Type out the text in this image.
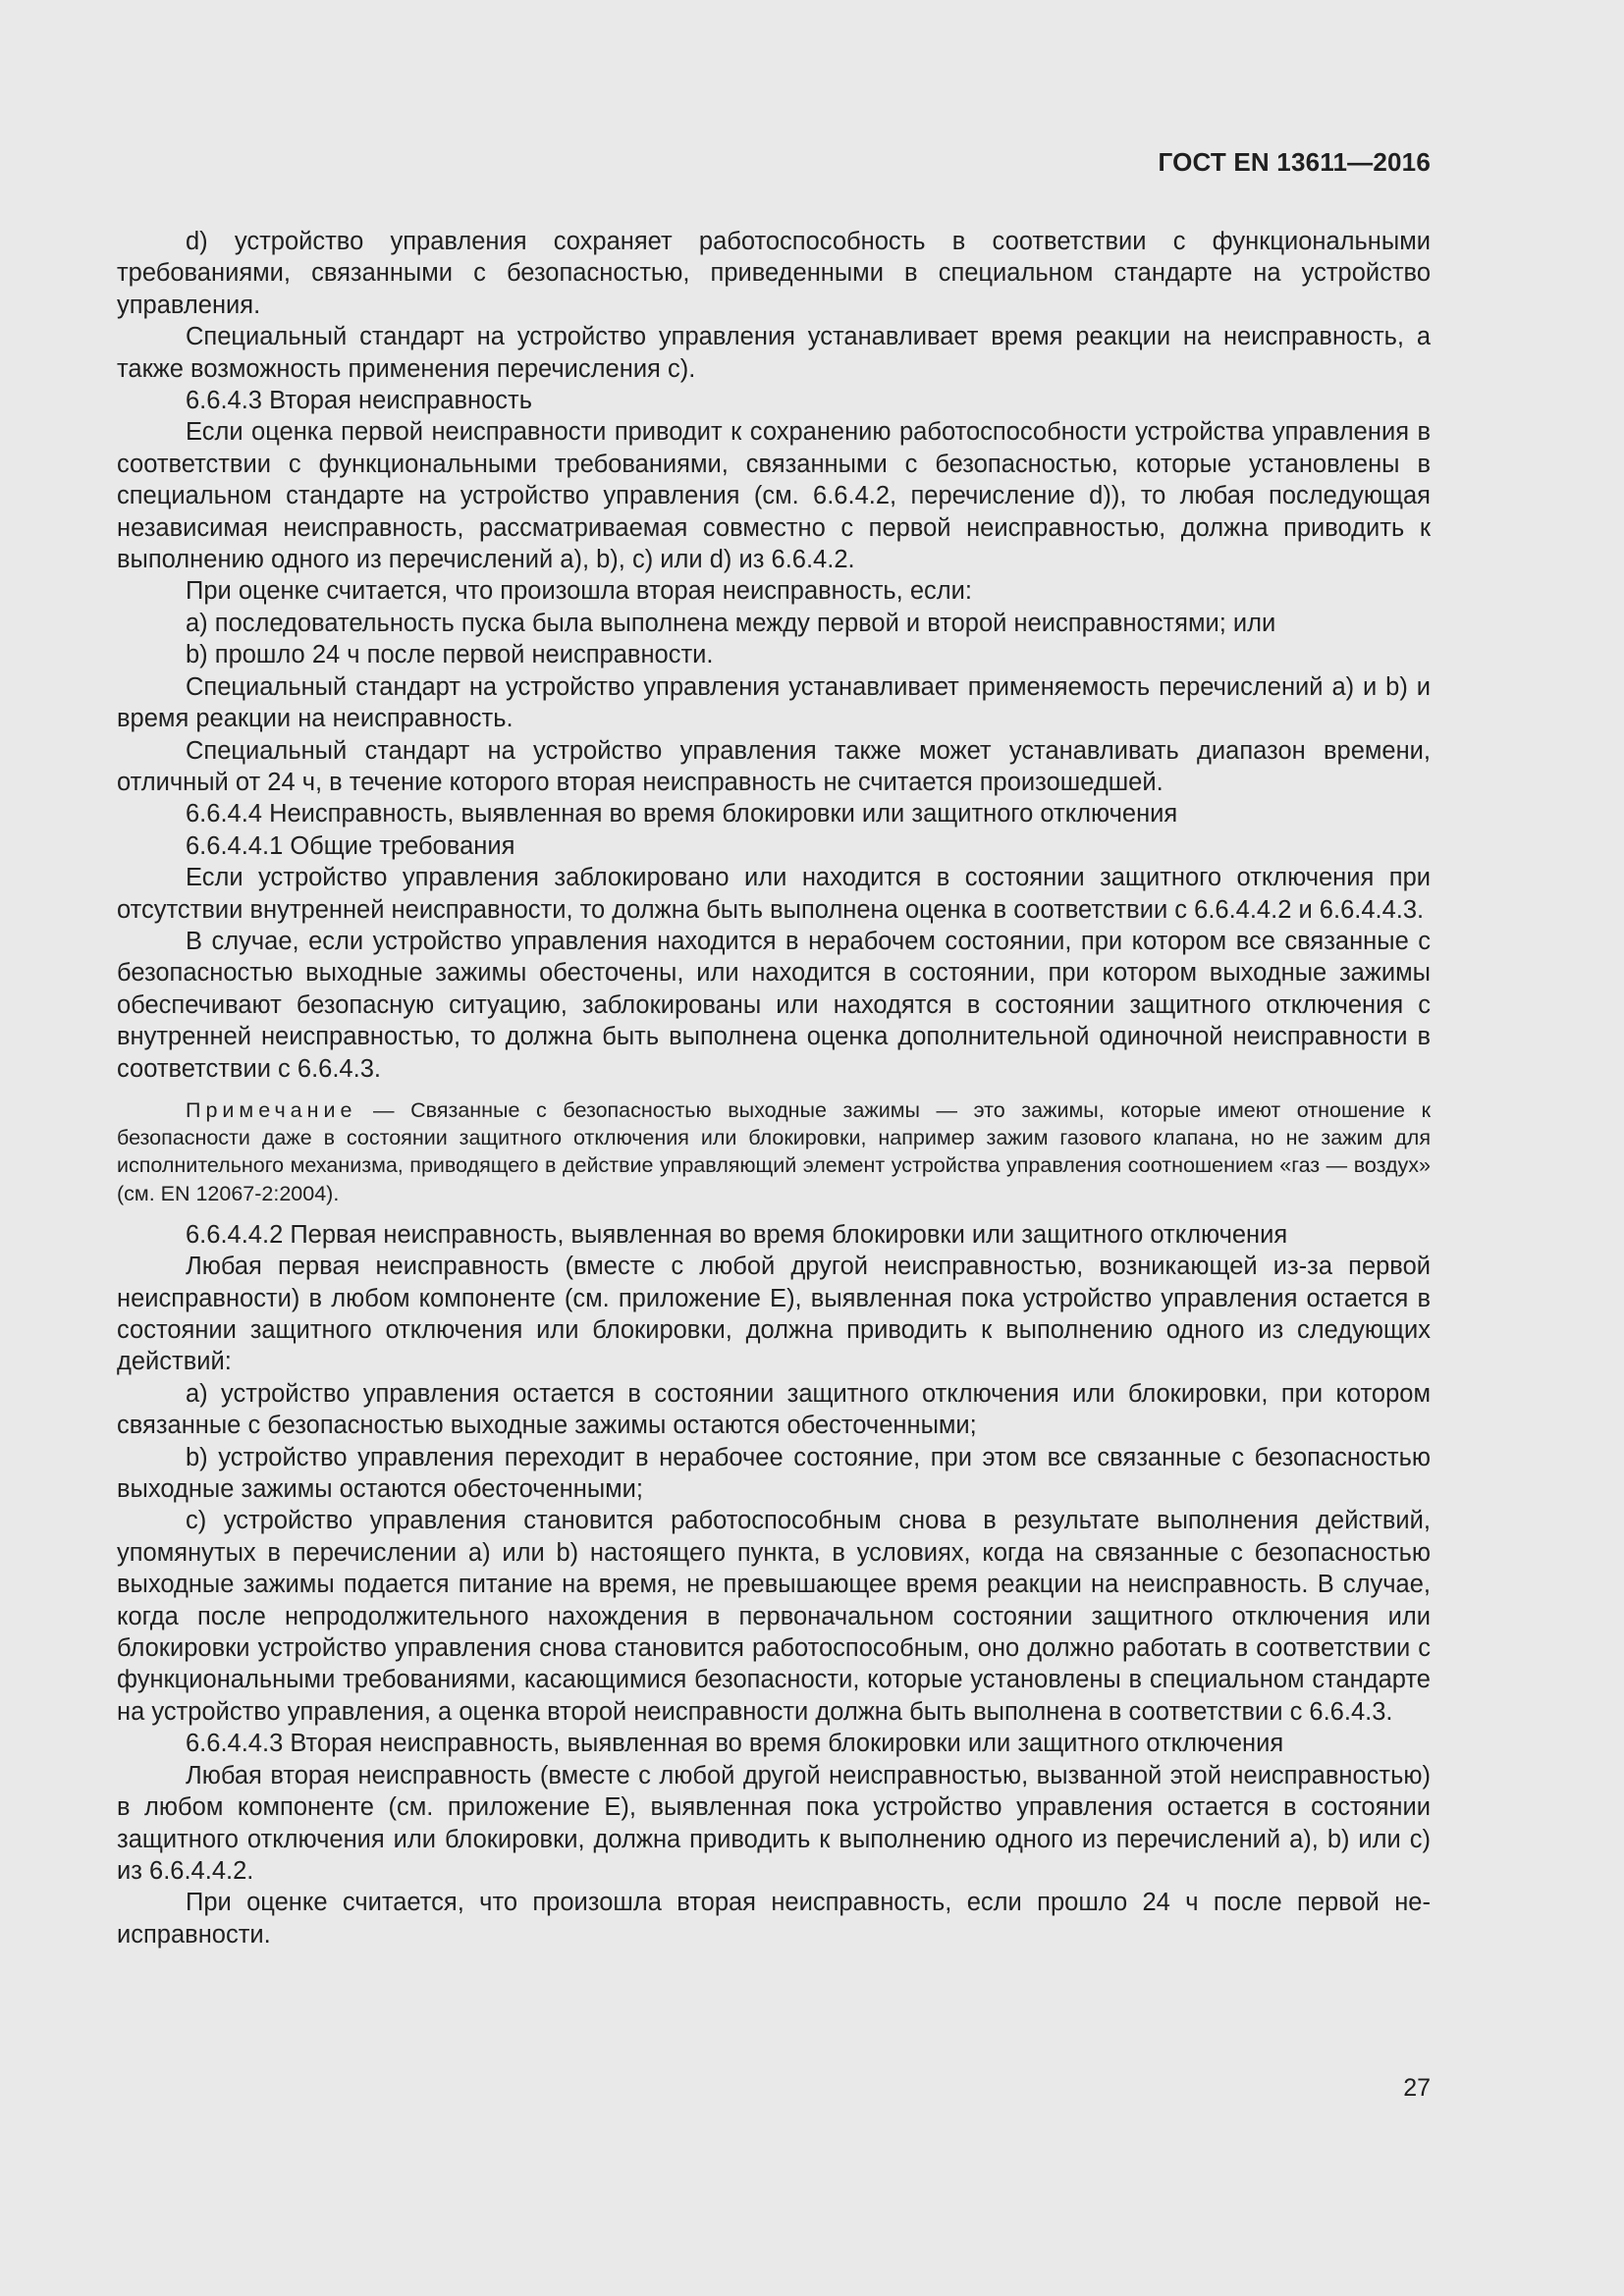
ГОСТ EN 13611—2016

d) устройство управления сохраняет работоспособность в соответствии с функциональными требованиями, связанными с безопасностью, приведенными в специальном стандарте на устройство управления.

Специальный стандарт на устройство управления устанавливает время реакции на неисправность, а также возможность применения перечисления с).

6.6.4.3 Вторая неисправность

Если оценка первой неисправности приводит к сохранению работоспособности устройства управления в соответствии с функциональными требованиями, связанными с безопасностью, которые установлены в специальном стандарте на устройство управления (см. 6.6.4.2, перечисление d)), то любая последующая независимая неисправность, рассматриваемая совместно с первой неисправностью, должна приводить к выполнению одного из перечислений а), b), с) или d) из 6.6.4.2.

При оценке считается, что произошла вторая неисправность, если:

а) последовательность пуска была выполнена между первой и второй неисправностями; или

b) прошло 24 ч после первой неисправности.

Специальный стандарт на устройство управления устанавливает применяемость перечислений а) и b) и время реакции на неисправность.

Специальный стандарт на устройство управления также может устанавливать диапазон времени, отличный от 24 ч, в течение которого вторая неисправность не считается произошедшей.

6.6.4.4 Неисправность, выявленная во время блокировки или защитного отключения

6.6.4.4.1 Общие требования

Если устройство управления заблокировано или находится в состоянии защитного отключения при отсутствии внутренней неисправности, то должна быть выполнена оценка в соответствии с 6.6.4.4.2 и 6.6.4.4.3.

В случае, если устройство управления находится в нерабочем состоянии, при котором все связанные с безопасностью выходные зажимы обесточены, или находится в состоянии, при котором выходные зажимы обеспечивают безопасную ситуацию, заблокированы или находятся в состоянии защитного отключения с внутренней неисправностью, то должна быть выполнена оценка дополнительной одиночной неисправности в соответствии с 6.6.4.3.

Примечание — Связанные с безопасностью выходные зажимы — это зажимы, которые имеют отношение к безопасности даже в состоянии защитного отключения или блокировки, например зажим газового клапана, но не зажим для исполнительного механизма, приводящего в действие управляющий элемент устройства управления соотношением «газ — воздух» (см. EN 12067-2:2004).

6.6.4.4.2 Первая неисправность, выявленная во время блокировки или защитного отключения

Любая первая неисправность (вместе с любой другой неисправностью, возникающей из-за первой неисправности) в любом компоненте (см. приложение Е), выявленная пока устройство управления остается в состоянии защитного отключения или блокировки, должна приводить к выполнению одного из следующих действий:

а) устройство управления остается в состоянии защитного отключения или блокировки, при котором связанные с безопасностью выходные зажимы остаются обесточенными;

b) устройство управления переходит в нерабочее состояние, при этом все связанные с безопасностью выходные зажимы остаются обесточенными;

с) устройство управления становится работоспособным снова в результате выполнения действий, упомянутых в перечислении а) или b) настоящего пункта, в условиях, когда на связанные с безопасностью выходные зажимы подается питание на время, не превышающее время реакции на неисправность. В случае, когда после непродолжительного нахождения в первоначальном состоянии защитного отключения или блокировки устройство управления снова становится работоспособным, оно должно работать в соответствии с функциональными требованиями, касающимися безопасности, которые установлены в специальном стандарте на устройство управления, а оценка второй неисправности должна быть выполнена в соответствии с 6.6.4.3.

6.6.4.4.3 Вторая неисправность, выявленная во время блокировки или защитного отключения

Любая вторая неисправность (вместе с любой другой неисправностью, вызванной этой неисправностью) в любом компоненте (см. приложение Е), выявленная пока устройство управления остается в состоянии защитного отключения или блокировки, должна приводить к выполнению одного из перечислений а), b) или с) из 6.6.4.4.2.

При оценке считается, что произошла вторая неисправность, если прошло 24 ч после первой неисправности.

27
